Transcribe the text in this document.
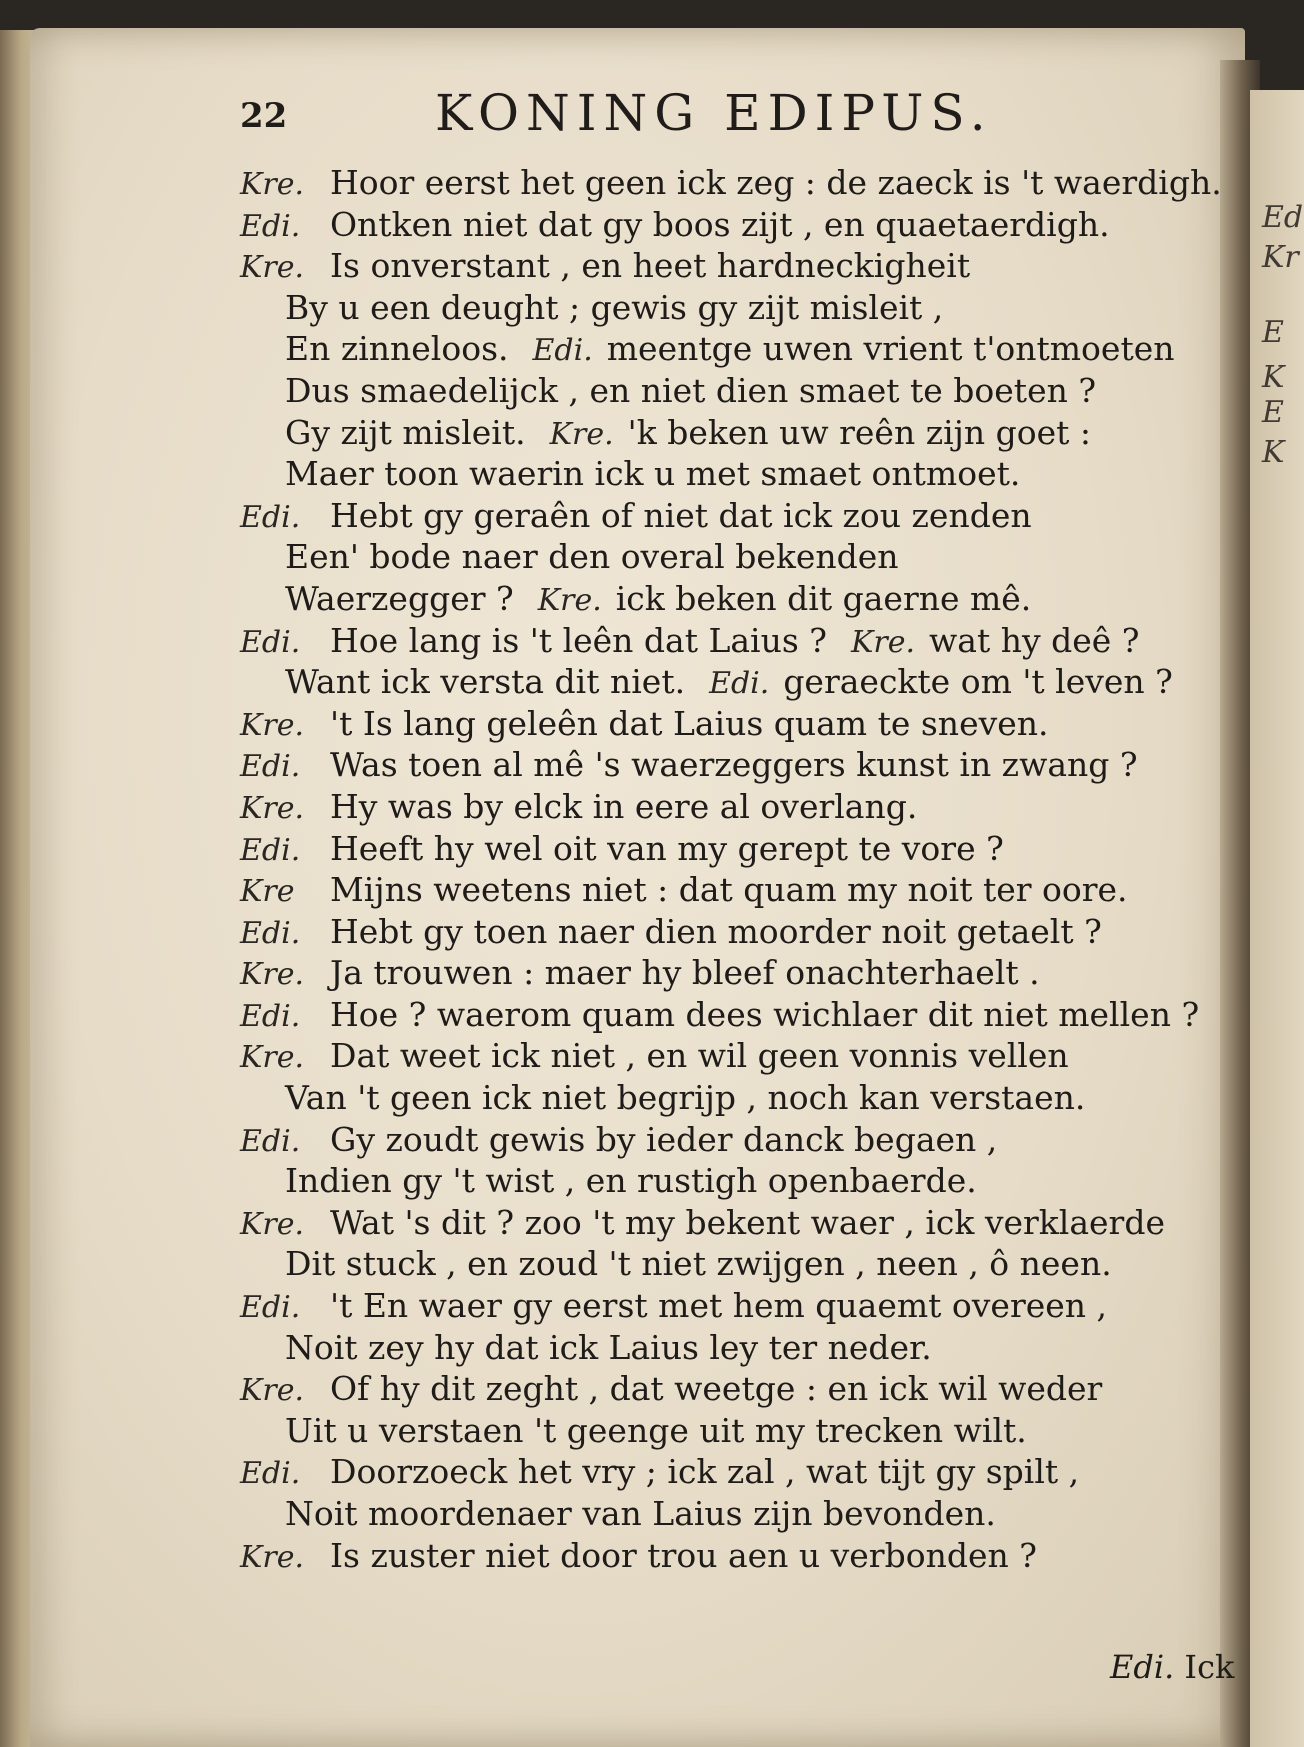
Ed
Kr
E
K
E
K
22	KONING EDIPUS.
Kre. Hoor eerst het geen ick zeg : de zaeck is 't waerdigh.
Edi. Ontken niet dat gy boos zijt , en quaetaerdigh.
Kre. Is onverstant , en heet hardneckigheit
By u een deught ; gewis gy zijt misleit ,
En zinneloos. Edi. meentge uwen vrient t'ontmoeten
Dus smaedelijck , en niet dien smaet te boeten ?
Gy zijt misleit. Kre. 'k beken uw reên zijn goet :
Maer toon waerin ick u met smaet ontmoet.
Edi. Hebt gy geraên of niet dat ick zou zenden
Een' bode naer den overal bekenden
Waerzegger ? Kre. ick beken dit gaerne mê.
Edi. Hoe lang is 't leên dat Laius ? Kre. wat hy deê ?
Want ick versta dit niet. Edi. geraeckte om 't leven ?
Kre. 't Is lang geleên dat Laius quam te sneven.
Edi. Was toen al mê 's waerzeggers kunst in zwang ?
Kre. Hy was by elck in eere al overlang.
Edi. Heeft hy wel oit van my gerept te vore ?
Kre Mijns weetens niet : dat quam my noit ter oore.
Edi. Hebt gy toen naer dien moorder noit getaelt ?
Kre. Ja trouwen : maer hy bleef onachterhaelt .
Edi. Hoe ? waerom quam dees wichlaer dit niet mellen ?
Kre. Dat weet ick niet , en wil geen vonnis vellen
Van 't geen ick niet begrijp , noch kan verstaen.
Edi. Gy zoudt gewis by ieder danck begaen ,
Indien gy 't wist , en rustigh openbaerde.
Kre. Wat 's dit ? zoo 't my bekent waer , ick verklaerde
Dit stuck , en zoud 't niet zwijgen , neen , ô neen.
Edi. 't En waer gy eerst met hem quaemt overeen ,
Noit zey hy dat ick Laius ley ter neder.
Kre. Of hy dit zeght , dat weetge : en ick wil weder
Uit u verstaen 't geenge uit my trecken wilt.
Edi. Doorzoeck het vry ; ick zal , wat tijt gy spilt ,
Noit moordenaer van Laius zijn bevonden.
Kre. Is zuster niet door trou aen u verbonden ?
Edi. Ick
